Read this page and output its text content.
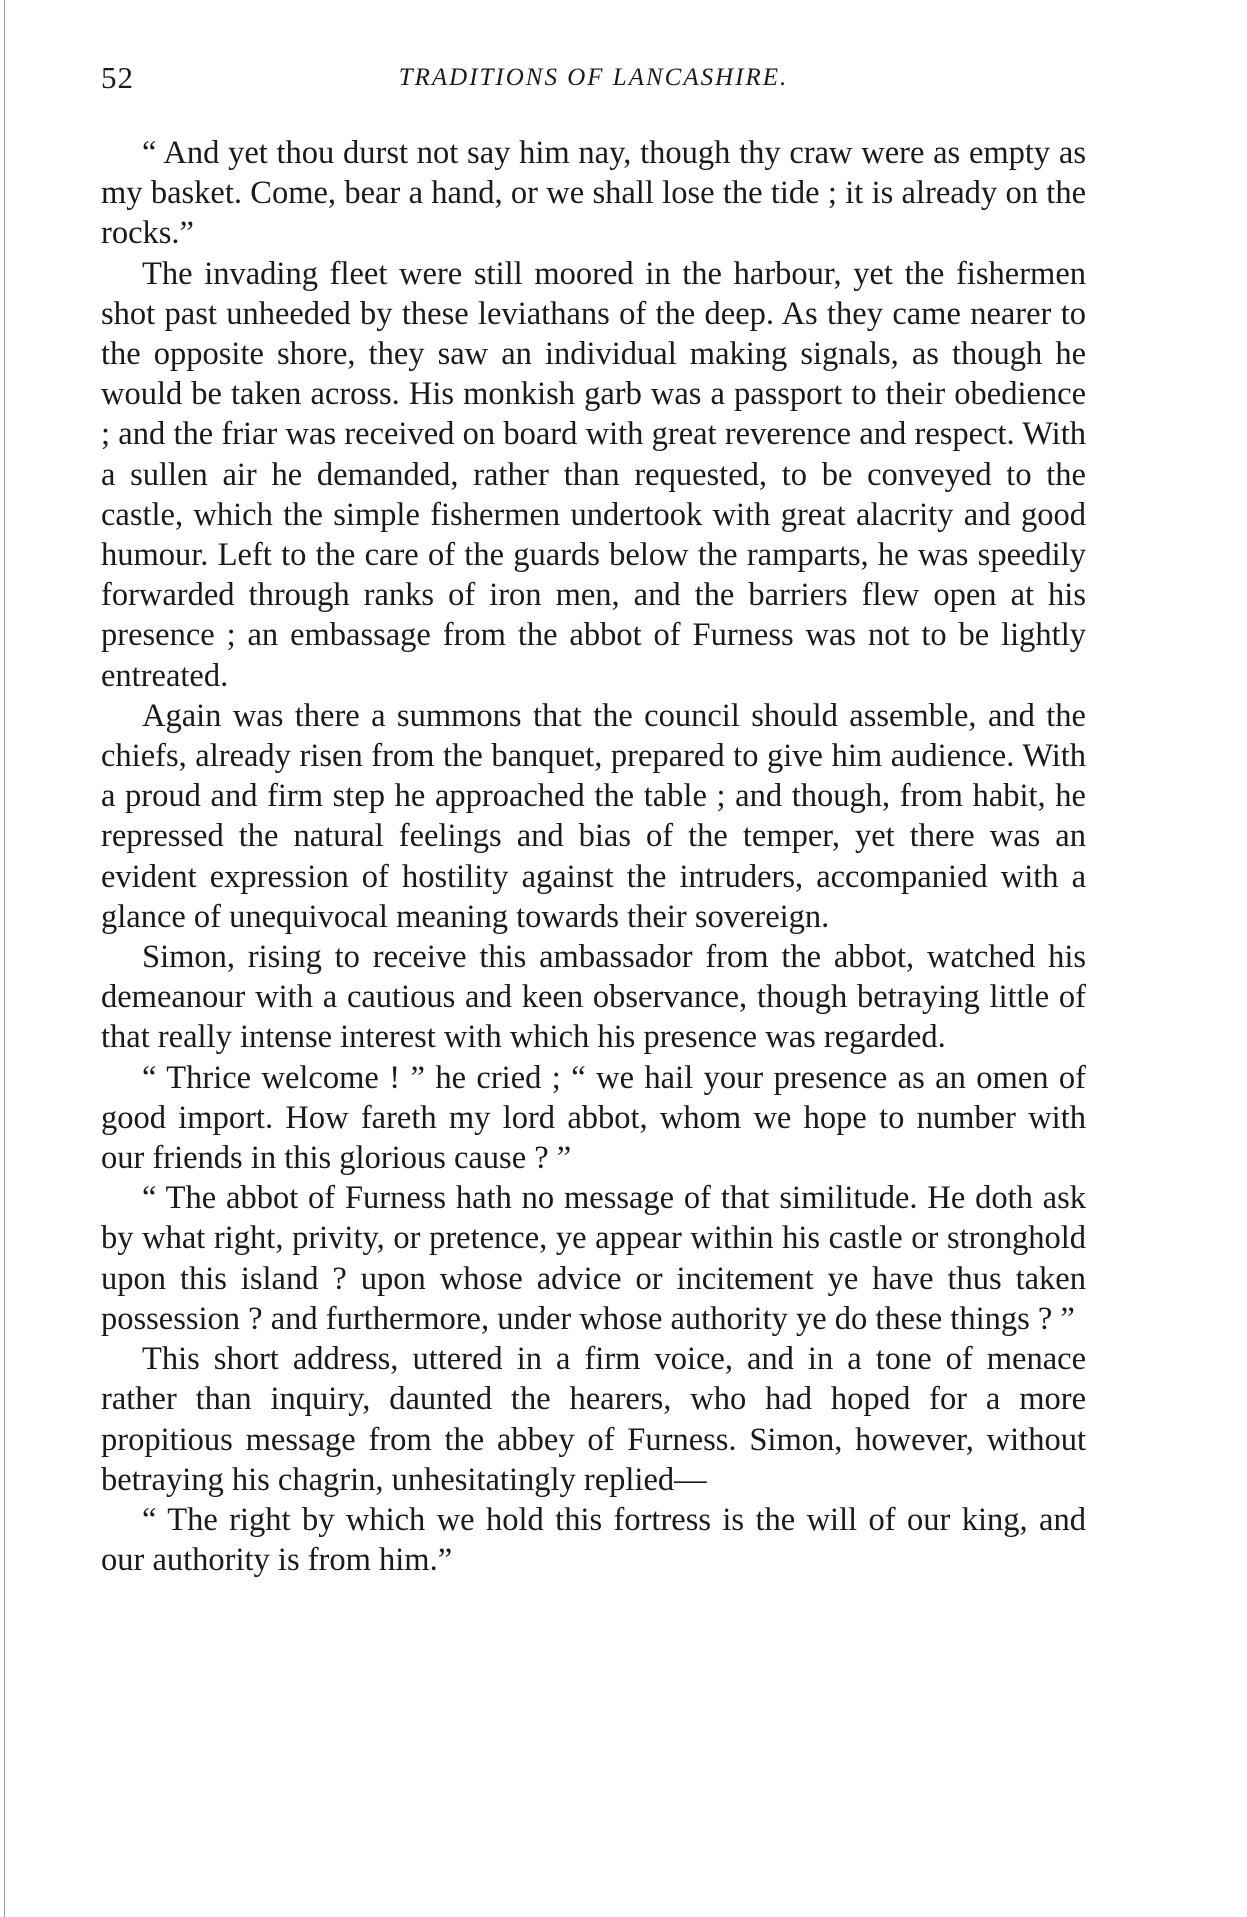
52	TRADITIONS OF LANCASHIRE.

“ And yet thou durst not say him nay, though thy craw were as empty as my basket. Come, bear a hand, or we shall lose the tide ; it is already on the rocks.”

The invading fleet were still moored in the harbour, yet the fishermen shot past unheeded by these leviathans of the deep. As they came nearer to the opposite shore, they saw an individual making signals, as though he would be taken across. His monkish garb was a passport to their obedience ; and the friar was received on board with great reverence and respect. With a sullen air he demanded, rather than requested, to be conveyed to the castle, which the simple fishermen undertook with great alacrity and good humour. Left to the care of the guards below the ramparts, he was speedily forwarded through ranks of iron men, and the barriers flew open at his presence ; an embassage from the abbot of Furness was not to be lightly entreated.

Again was there a summons that the council should assemble, and the chiefs, already risen from the banquet, prepared to give him audience. With a proud and firm step he approached the table ; and though, from habit, he repressed the natural feelings and bias of the temper, yet there was an evident expression of hostility against the intruders, accompanied with a glance of unequivocal meaning towards their sovereign.

Simon, rising to receive this ambassador from the abbot, watched his demeanour with a cautious and keen observance, though betraying little of that really intense interest with which his presence was regarded.

“ Thrice welcome ! ” he cried ; “ we hail your presence as an omen of good import. How fareth my lord abbot, whom we hope to number with our friends in this glorious cause ? ”

“ The abbot of Furness hath no message of that similitude. He doth ask by what right, privity, or pretence, ye appear within his castle or stronghold upon this island ? upon whose advice or incitement ye have thus taken possession ? and furthermore, under whose authority ye do these things ? ”

This short address, uttered in a firm voice, and in a tone of menace rather than inquiry, daunted the hearers, who had hoped for a more propitious message from the abbey of Furness. Simon, however, without betraying his chagrin, unhesitatingly replied—

“ The right by which we hold this fortress is the will of our king, and our authority is from him.”
